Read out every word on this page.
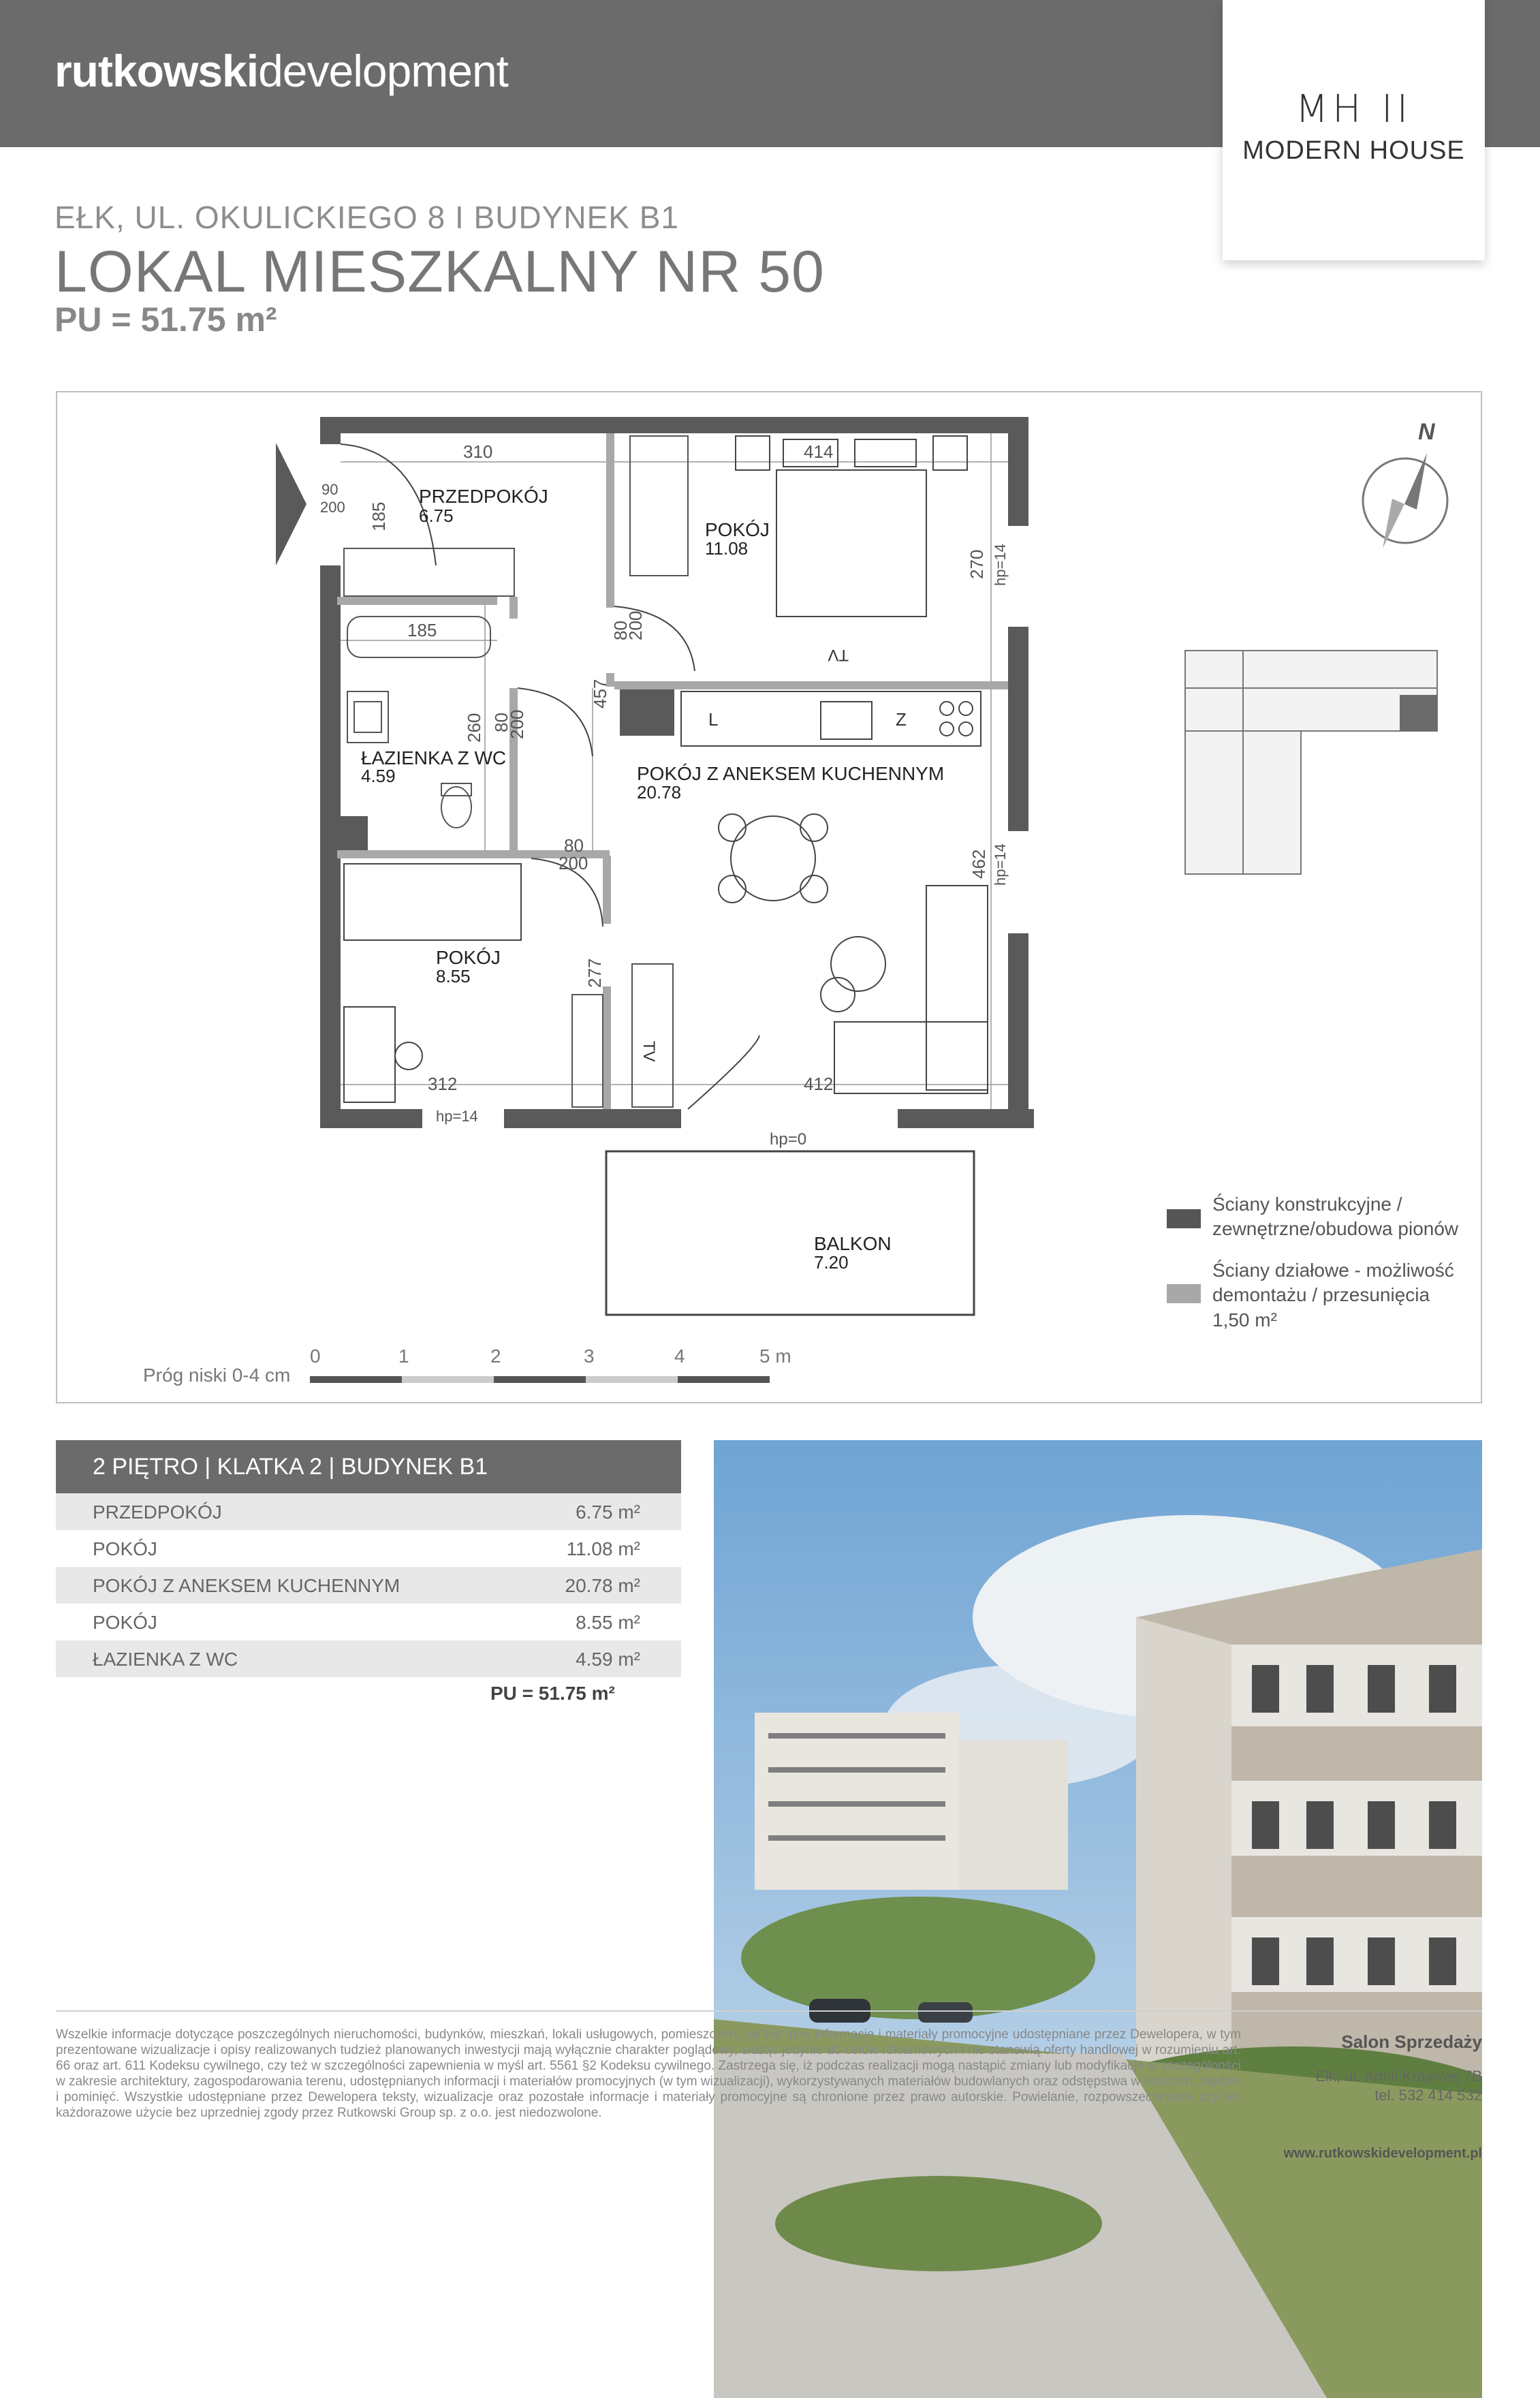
rutkowskidevelopment
MH II
MODERN HOUSE
EŁK, UL. OKULICKIEGO 8 I BUDYNEK B1
LOKAL MIESZKALNY NR 50
PU = 51.75 m²
310	414
90
200 185
270
185	80
200
457
260 80
200
80
200	462
277
312	412
hp=14
hp=14
hp=14
hp=0
L	Z
TV
TV
PRZEDPOKÓJ
6.75
POKÓJ
11.08
ŁAZIENKA Z WC
4.59	POKÓJ Z ANEKSEM KUCHENNYM
20.78
POKÓJ
8.55
BALKON
7.20
N
0	1	2	3	4	5 m
Próg niski 0-4 cm
Ściany konstrukcyjne / zewnętrzne/obudowa pionów
Ściany działowe - możliwość demontażu / przesunięcia
1,50 m²
2 PIĘTRO | KLATKA 2 | BUDYNEK B1
PRZEDPOKÓJ	6.75 m²
POKÓJ	11.08 m²
POKÓJ Z ANEKSEM KUCHENNYM	20.78 m²
POKÓJ	8.55 m²
ŁAZIENKA Z WC	4.59 m²
PU = 51.75 m²
Wszelkie informacje dotyczące poszczególnych nieruchomości, budynków, mieszkań, lokali usługowych, pomieszczeń, jak też inne informacje i materiały promocyjne udostępniane przez Dewelopera, w tym prezentowane wizualizacje i opisy realizowanych tudzież planowanych inwestycji mają wyłącznie charakter poglądowy, służąc jedynie do celów reklamowych i nie stanowią oferty handlowej w rozumieniu art. 66 oraz art. 611 Kodeksu cywilnego, czy też w szczególności zapewnienia w myśl art. 5561 §2 Kodeksu cywilnego. Zastrzega się, iż podczas realizacji mogą nastąpić zmiany lub modyfikacje w szczególności w zakresie architektury, zagospodarowania terenu, udostępnianych informacji i materiałów promocyjnych (w tym wizualizacji), wykorzystywanych materiałów budowlanych oraz odstępstwa w kolorach, błędów i pominięć. Wszystkie udostępniane przez Dewelopera teksty, wizualizacje oraz pozostałe informacje i materiały promocyjne są chronione przez prawo autorskie. Powielanie, rozpowszechnianie czy też każdorazowe użycie bez uprzedniej zgody przez Rutkowski Group sp. z o.o. jest niedozwolone.
Salon Sprzedaży
Ełk, ul. Armii Krajowej 7B
tel. 532 414 532
www.rutkowskidevelopment.pl
